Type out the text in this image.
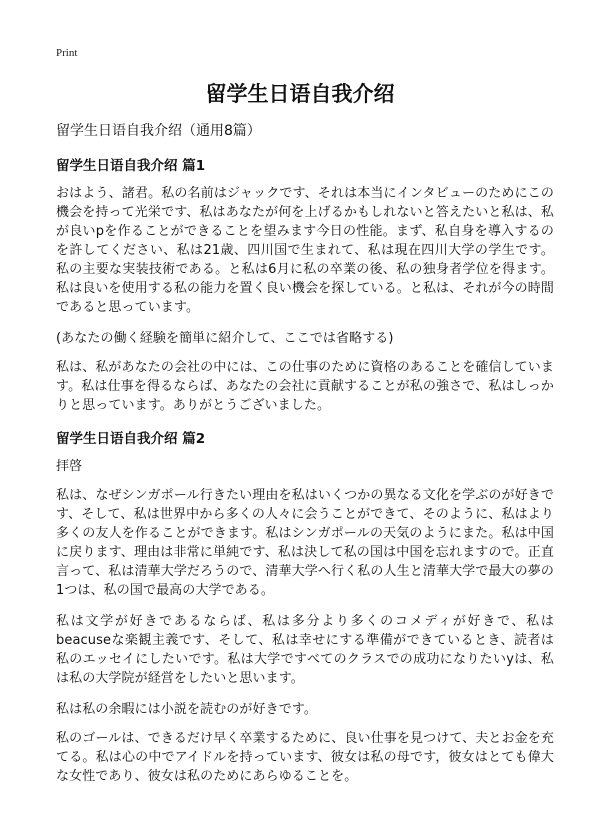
Print
留学生日语自我介绍

留学生日语自我介绍（通用8篇）

留学生日语自我介绍 篇1

おはよう、諸君。私の名前はジャックです、それは本当にインタビューのためにこの機会を持って光栄です、私はあなたが何を上げるかもしれないと答えたいと私は、私が良いpを作ることができることを望みます今日の性能。まず、私自身を導入するのを許してください、私は21歳、四川国で生まれて、私は現在四川大学の学生です。私の主要な実装技術である。と私は6月に私の卒業の後、私の独身者学位を得ます。私は良いを使用する私の能力を置く良い機会を探している。と私は、それが今の時間であると思っています。

(あなたの働く経験を簡単に紹介して、ここでは省略する)

私は、私があなたの会社の中には、この仕事のために資格のあることを確信しています。私は仕事を得るならば、あなたの会社に貢献することが私の強さで、私はしっかりと思っています。ありがとうございました。

留学生日语自我介绍 篇2

拝啓

私は、なぜシンガポール行きたい理由を私はいくつかの異なる文化を学ぶのが好きです、そして、私は世界中から多くの人々に会うことができて、そのように、私はより多くの友人を作ることができます。私はシンガポールの天気のようにまた。私は中国に戻ります、理由は非常に単純です、私は決して私の国は中国を忘れますので。正直言って、私は清華大学だろうので、清華大学へ行く私の人生と清華大学で最大の夢の1つは、私の国で最高の大学である。

私は文学が好きであるならば、私は多分より多くのコメディが好きで、私はbeacuseな楽観主義です、そして、私は幸せにする準備ができているとき、読者は私のエッセイにしたいです。私は大学ですべてのクラスでの成功になりたいyは、私は私の大学院が経営をしたいと思います。

私は私の余暇には小説を読むのが好きです。

私のゴールは、できるだけ早く卒業するために、良い仕事を見つけて、夫とお金を充てる。私は心の中でアイドルを持っています、彼女は私の母です，彼女はとても偉大な女性であり、彼女は私のためにあらゆることを。
